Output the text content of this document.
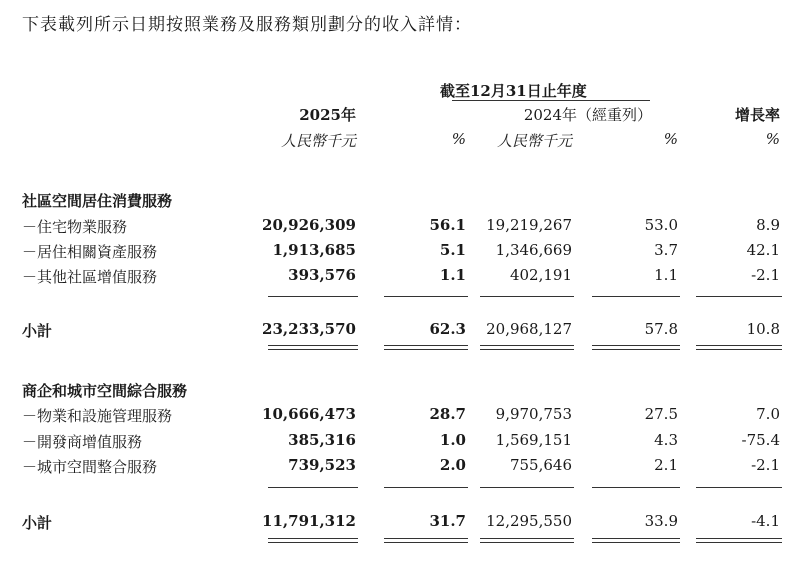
下表載列所示日期按照業務及服務類別劃分的收入詳情：
截至12月31日止年度
2025年	2024年（經重列）	增長率
人民幣千元	% 人民幣千元	%	%
社區空間居住消費服務
－住宅物業服務	20,926,309	56.1 19,219,267	53.0	8.9
－居住相關資產服務	1,913,685	5.1 1,346,669	3.7	42.1
－其他社區增值服務	393,576	1.1	402,191	1.1	-2.1
小計	23,233,570	62.3 20,968,127	57.8	10.8
商企和城市空間綜合服務
－物業和設施管理服務	10,666,473	28.7 9,970,753	27.5	7.0
－開發商增值服務	385,316	1.0 1,569,151	4.3	-75.4
－城市空間整合服務	739,523	2.0	755,646	2.1	-2.1
小計	11,791,312	31.7 12,295,550	33.9	-4.1
